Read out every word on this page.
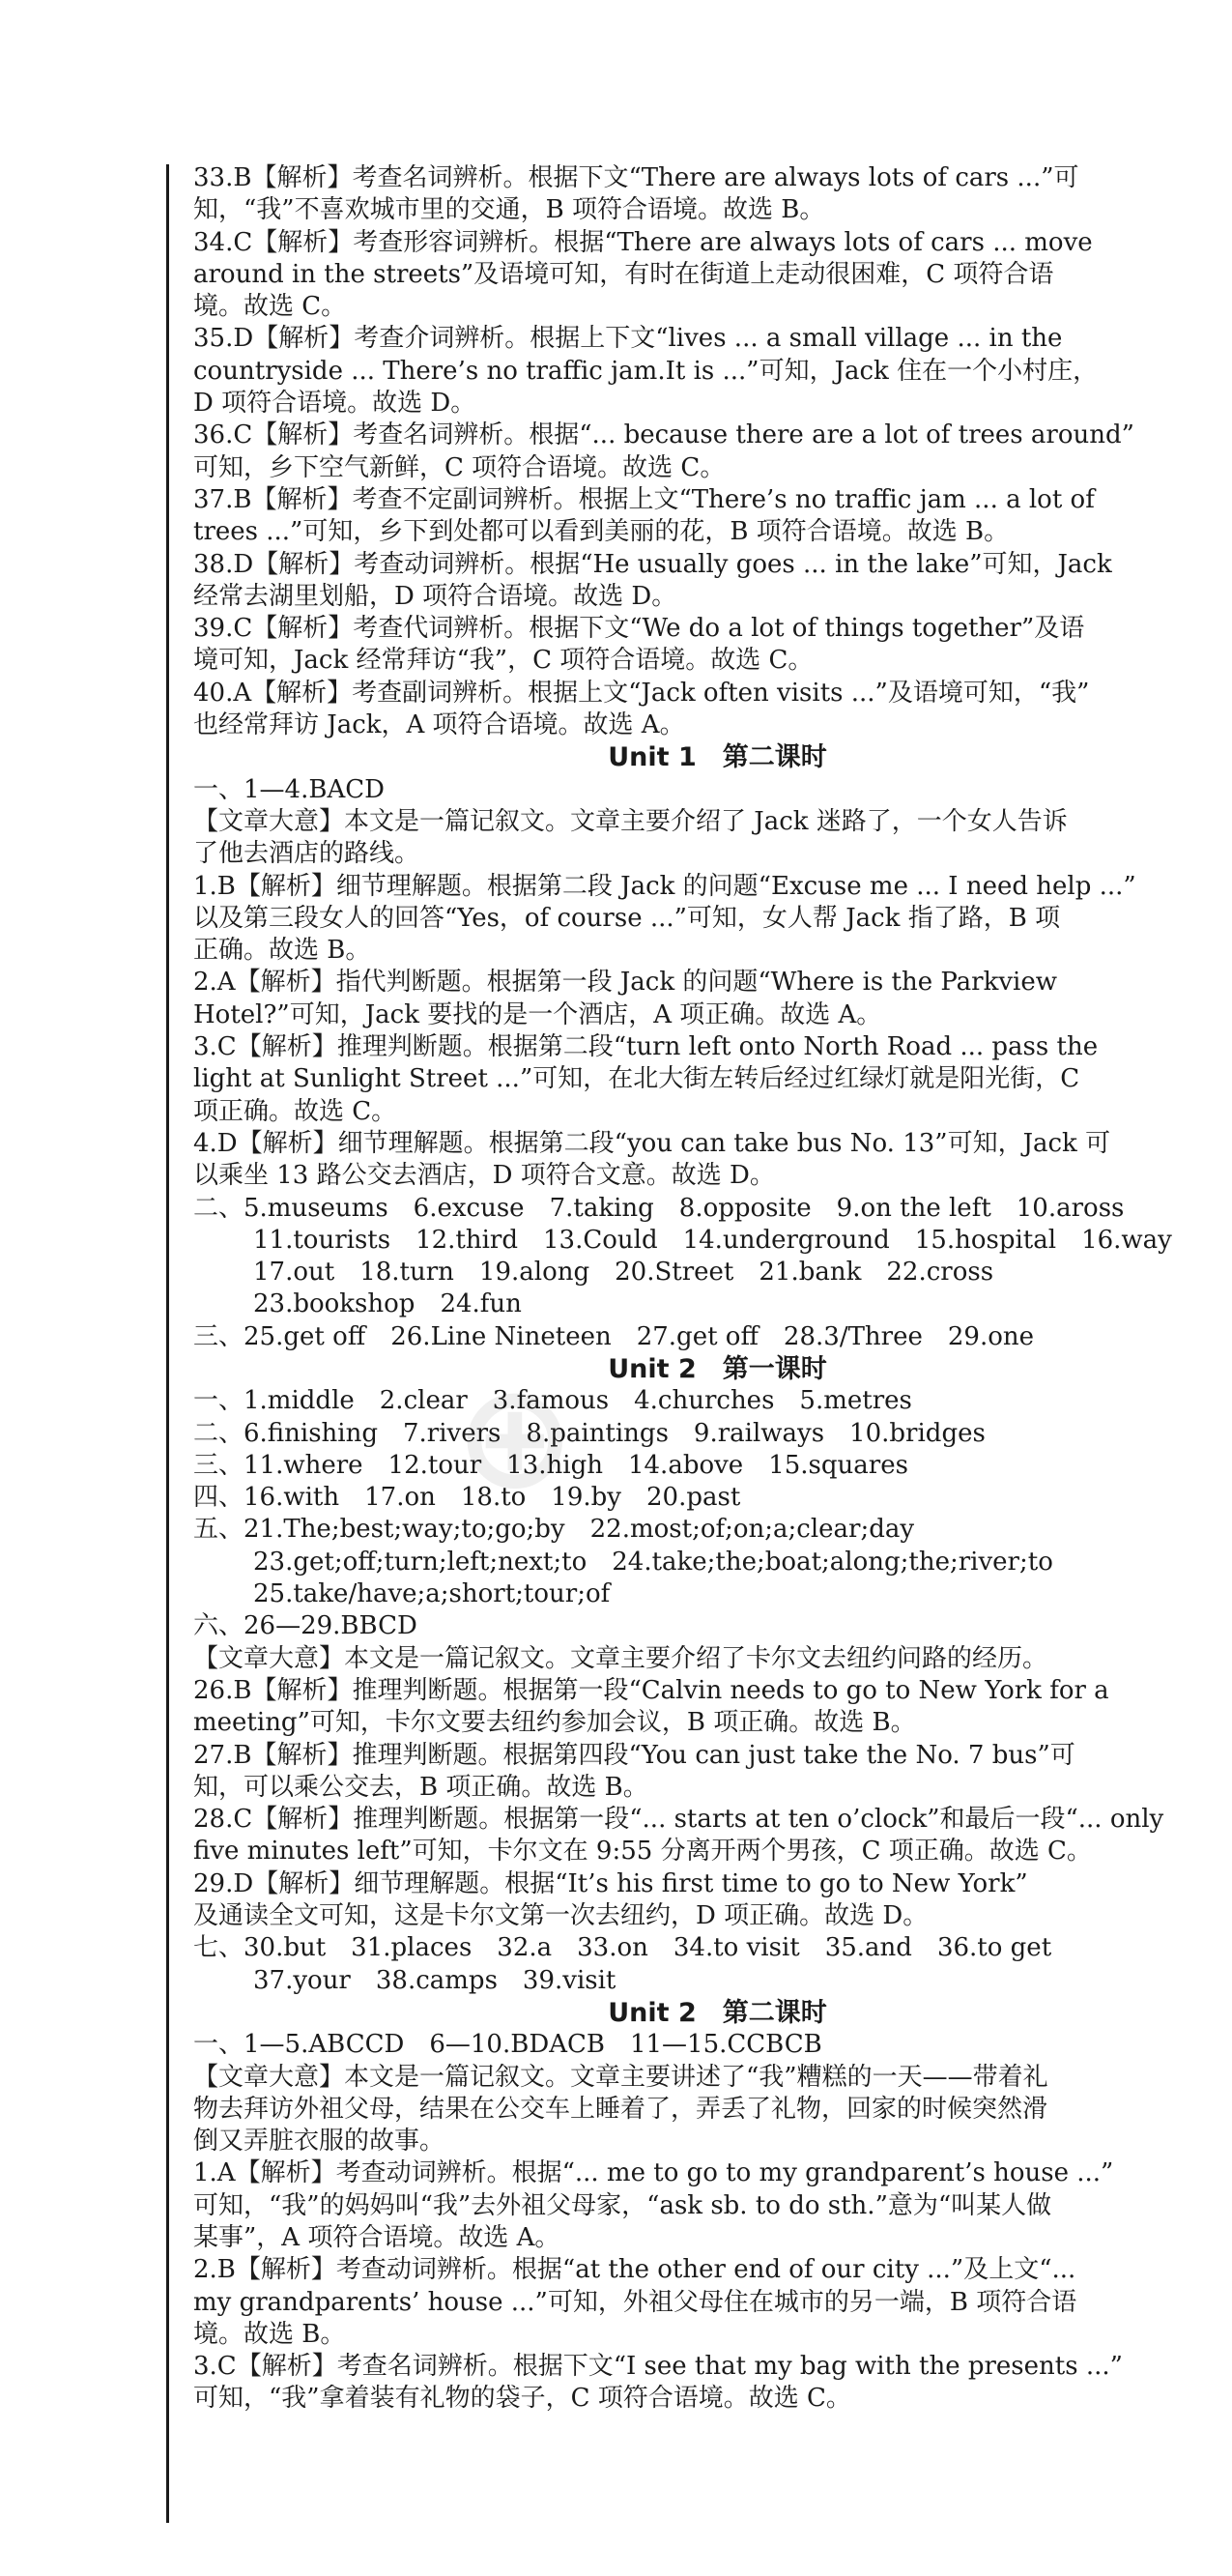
⊕
33.B【解析】考查名词辨析。根据下文“There are always lots of cars ...”可
知，“我”不喜欢城市里的交通，B 项符合语境。故选 B。
34.C【解析】考查形容词辨析。根据“There are always lots of cars ... move
around in the streets”及语境可知，有时在街道上走动很困难，C 项符合语
境。故选 C。
35.D【解析】考查介词辨析。根据上下文“lives ... a small village ... in the
countryside ... There’s no traffic jam.It is ...”可知，Jack 住在一个小村庄，
D 项符合语境。故选 D。
36.C【解析】考查名词辨析。根据“... because there are a lot of trees around”
可知，乡下空气新鲜，C 项符合语境。故选 C。
37.B【解析】考查不定副词辨析。根据上文“There’s no traffic jam ... a lot of
trees ...”可知，乡下到处都可以看到美丽的花，B 项符合语境。故选 B。
38.D【解析】考查动词辨析。根据“He usually goes ... in the lake”可知，Jack
经常去湖里划船，D 项符合语境。故选 D。
39.C【解析】考查代词辨析。根据下文“We do a lot of things together”及语
境可知，Jack 经常拜访“我”，C 项符合语境。故选 C。
40.A【解析】考查副词辨析。根据上文“Jack often visits ...”及语境可知，“我”
也经常拜访 Jack，A 项符合语境。故选 A。
Unit 1　第二课时
一、1—4.BACD
【文章大意】本文是一篇记叙文。文章主要介绍了 Jack 迷路了，一个女人告诉
了他去酒店的路线。
1.B【解析】细节理解题。根据第二段 Jack 的问题“Excuse me ... I need help ...”
以及第三段女人的回答“Yes，of course ...”可知，女人帮 Jack 指了路，B 项
正确。故选 B。
2.A【解析】指代判断题。根据第一段 Jack 的问题“Where is the Parkview
Hotel?”可知，Jack 要找的是一个酒店，A 项正确。故选 A。
3.C【解析】推理判断题。根据第二段“turn left onto North Road ... pass the
light at Sunlight Street ...”可知，在北大街左转后经过红绿灯就是阳光街，C
项正确。故选 C。
4.D【解析】细节理解题。根据第二段“you can take bus No. 13”可知，Jack 可
以乘坐 13 路公交去酒店，D 项符合文意。故选 D。
二、5.museums　6.excuse　7.taking　8.opposite　9.on the left　10.aross
11.tourists　12.third　13.Could　14.underground　15.hospital　16.way
17.out　18.turn　19.along　20.Street　21.bank　22.cross
23.bookshop　24.fun
三、25.get off　26.Line Nineteen　27.get off　28.3/Three　29.one
Unit 2　第一课时
一、1.middle　2.clear　3.famous　4.churches　5.metres
二、6.finishing　7.rivers　8.paintings　9.railways　10.bridges
三、11.where　12.tour　13.high　14.above　15.squares
四、16.with　17.on　18.to　19.by　20.past
五、21.The;best;way;to;go;by　22.most;of;on;a;clear;day
23.get;off;turn;left;next;to　24.take;the;boat;along;the;river;to
25.take/have;a;short;tour;of
六、26—29.BBCD
【文章大意】本文是一篇记叙文。文章主要介绍了卡尔文去纽约问路的经历。
26.B【解析】推理判断题。根据第一段“Calvin needs to go to New York for a
meeting”可知，卡尔文要去纽约参加会议，B 项正确。故选 B。
27.B【解析】推理判断题。根据第四段“You can just take the No. 7 bus”可
知，可以乘公交去，B 项正确。故选 B。
28.C【解析】推理判断题。根据第一段“... starts at ten o’clock”和最后一段“... only
five minutes left”可知，卡尔文在 9:55 分离开两个男孩，C 项正确。故选 C。
29.D【解析】细节理解题。根据“It’s his first time to go to New York”
及通读全文可知，这是卡尔文第一次去纽约，D 项正确。故选 D。
七、30.but　31.places　32.a　33.on　34.to visit　35.and　36.to get
37.your　38.camps　39.visit
Unit 2　第二课时
一、1—5.ABCCD　6—10.BDACB　11—15.CCBCB
【文章大意】本文是一篇记叙文。文章主要讲述了“我”糟糕的一天——带着礼
物去拜访外祖父母，结果在公交车上睡着了，弄丢了礼物，回家的时候突然滑
倒又弄脏衣服的故事。
1.A【解析】考查动词辨析。根据“... me to go to my grandparent’s house ...”
可知，“我”的妈妈叫“我”去外祖父母家，“ask sb. to do sth.”意为“叫某人做
某事”，A 项符合语境。故选 A。
2.B【解析】考查动词辨析。根据“at the other end of our city ...”及上文“...
my grandparents’ house ...”可知，外祖父母住在城市的另一端，B 项符合语
境。故选 B。
3.C【解析】考查名词辨析。根据下文“I see that my bag with the presents ...”
可知，“我”拿着装有礼物的袋子，C 项符合语境。故选 C。
